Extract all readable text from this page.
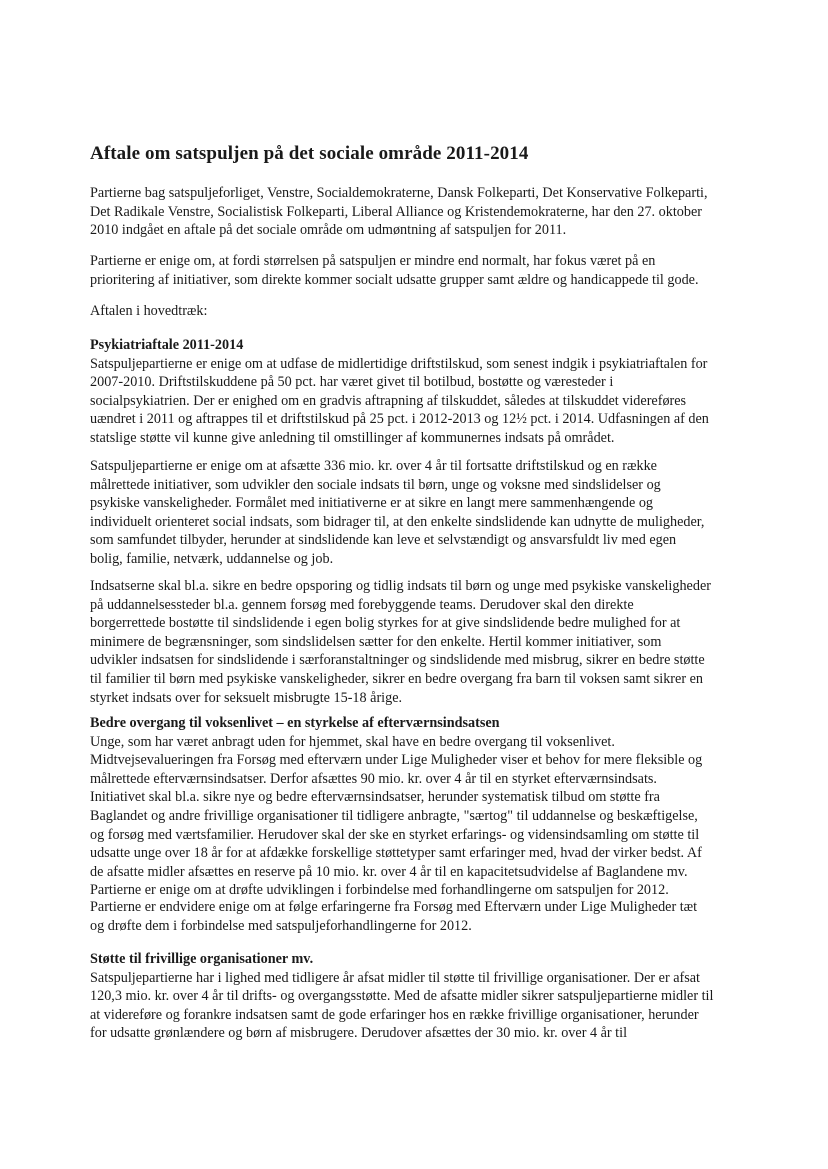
Aftale om satspuljen på det sociale område 2011-2014

Partierne bag satspuljeforliget, Venstre, Socialdemokraterne, Dansk Folkeparti, Det Konservative Folkeparti,
Det Radikale Venstre, Socialistisk Folkeparti, Liberal Alliance og Kristendemokraterne, har den 27. oktober
2010 indgået en aftale på det sociale område om udmøntning af satspuljen for 2011.

Partierne er enige om, at fordi størrelsen på satspuljen er mindre end normalt, har fokus været på en
prioritering af initiativer, som direkte kommer socialt udsatte grupper samt ældre og handicappede til gode.

Aftalen i hovedtræk:

Psykiatriaftale 2011-2014
Satspuljepartierne er enige om at udfase de midlertidige driftstilskud, som senest indgik i psykiatriaftalen for
2007-2010. Driftstilskuddene på 50 pct. har været givet til botilbud, bostøtte og væresteder i
socialpsykiatrien. Der er enighed om en gradvis aftrapning af tilskuddet, således at tilskuddet videreføres
uændret i 2011 og aftrappes til et driftstilskud på 25 pct. i 2012-2013 og 12½ pct. i 2014. Udfasningen af den
statslige støtte vil kunne give anledning til omstillinger af kommunernes indsats på området.

Satspuljepartierne er enige om at afsætte 336 mio. kr. over 4 år til fortsatte driftstilskud og en række
målrettede initiativer, som udvikler den sociale indsats til børn, unge og voksne med sindslidelser og
psykiske vanskeligheder. Formålet med initiativerne er at sikre en langt mere sammenhængende og
individuelt orienteret social indsats, som bidrager til, at den enkelte sindslidende kan udnytte de muligheder,
som samfundet tilbyder, herunder at sindslidende kan leve et selvstændigt og ansvarsfuldt liv med egen
bolig, familie, netværk, uddannelse og job.

Indsatserne skal bl.a. sikre en bedre opsporing og tidlig indsats til børn og unge med psykiske vanskeligheder
på uddannelsessteder bl.a. gennem forsøg med forebyggende teams. Derudover skal den direkte
borgerrettede bostøtte til sindslidende i egen bolig styrkes for at give sindslidende bedre mulighed for at
minimere de begrænsninger, som sindslidelsen sætter for den enkelte. Hertil kommer initiativer, som
udvikler indsatsen for sindslidende i særforanstaltninger og sindslidende med misbrug, sikrer en bedre støtte
til familier til børn med psykiske vanskeligheder, sikrer en bedre overgang fra barn til voksen samt sikrer en
styrket indsats over for seksuelt misbrugte 15-18 årige.

Bedre overgang til voksenlivet – en styrkelse af efterværnsindsatsen
Unge, som har været anbragt uden for hjemmet, skal have en bedre overgang til voksenlivet.
Midtvejsevalueringen fra Forsøg med efterværn under Lige Muligheder viser et behov for mere fleksible og
målrettede efterværnsindsatser. Derfor afsættes 90 mio. kr. over 4 år til en styrket efterværnsindsats.
Initiativet skal bl.a. sikre nye og bedre efterværnsindsatser, herunder systematisk tilbud om støtte fra
Baglandet og andre frivillige organisationer til tidligere anbragte, "særtog" til uddannelse og beskæftigelse,
og forsøg med værtsfamilier. Herudover skal der ske en styrket erfarings- og vidensindsamling om støtte til
udsatte unge over 18 år for at afdække forskellige støttetyper samt erfaringer med, hvad der virker bedst. Af
de afsatte midler afsættes en reserve på 10 mio. kr. over 4 år til en kapacitetsudvidelse af Baglandene mv.
Partierne er enige om at drøfte udviklingen i forbindelse med forhandlingerne om satspuljen for 2012.

Partierne er endvidere enige om at følge erfaringerne fra Forsøg med Efterværn under Lige Muligheder tæt
og drøfte dem i forbindelse med satspuljeforhandlingerne for 2012.

Støtte til frivillige organisationer mv.
Satspuljepartierne har i lighed med tidligere år afsat midler til støtte til frivillige organisationer. Der er afsat
120,3 mio. kr. over 4 år til drifts- og overgangsstøtte. Med de afsatte midler sikrer satspuljepartierne midler til
at videreføre og forankre indsatsen samt de gode erfaringer hos en række frivillige organisationer, herunder
for udsatte grønlændere og børn af misbrugere. Derudover afsættes der 30 mio. kr. over 4 år til
